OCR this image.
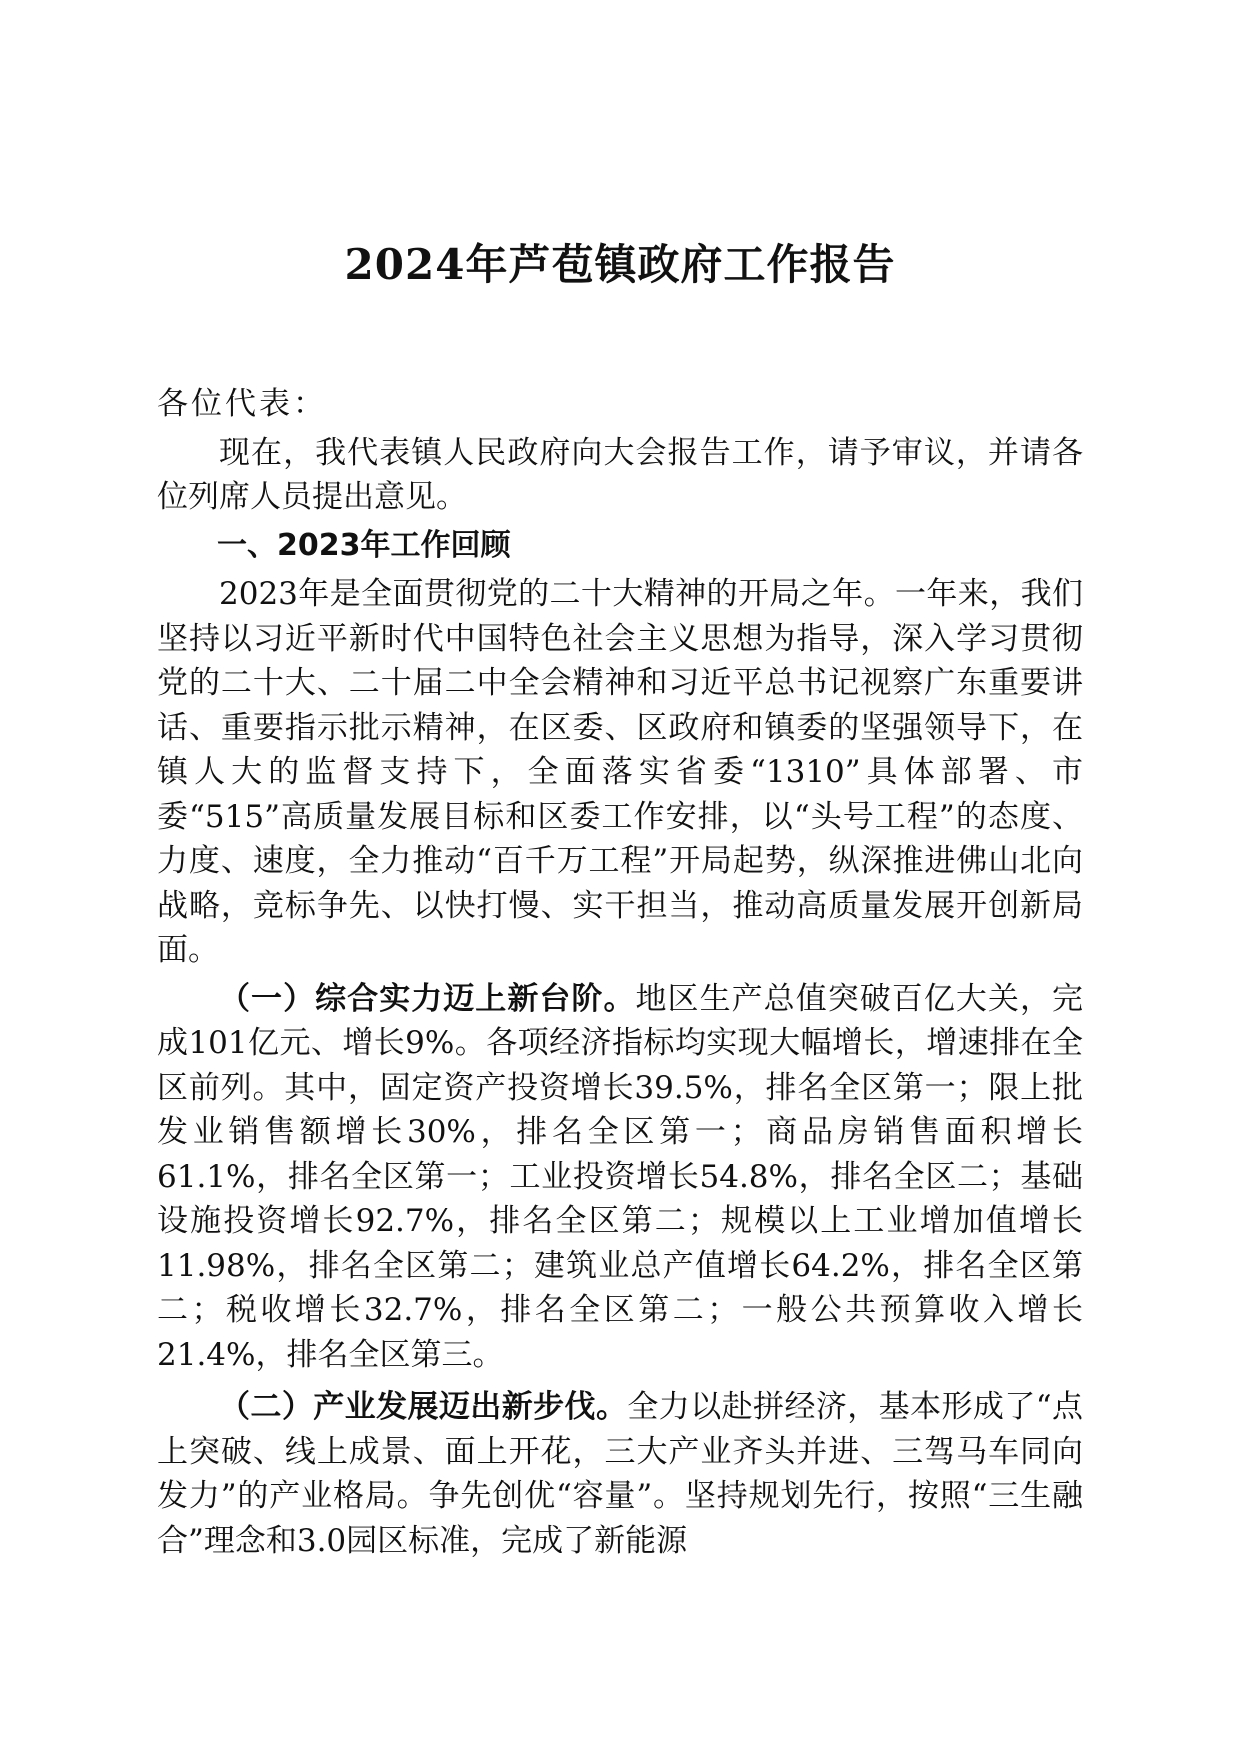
2024年芦苞镇政府工作报告

各位代表：

现在，我代表镇人民政府向大会报告工作，请予审议，并请各位列席人员提出意见。

一、2023年工作回顾

2023年是全面贯彻党的二十大精神的开局之年。一年来，我们坚持以习近平新时代中国特色社会主义思想为指导，深入学习贯彻党的二十大、二十届二中全会精神和习近平总书记视察广东重要讲话、重要指示批示精神，在区委、区政府和镇委的坚强领导下，在镇人大的监督支持下，全面落实省委“1310”具体部署、市委“515”高质量发展目标和区委工作安排，以“头号工程”的态度、力度、速度，全力推动“百千万工程”开局起势，纵深推进佛山北向战略，竞标争先、以快打慢、实干担当，推动高质量发展开创新局面。

（一）综合实力迈上新台阶。地区生产总值突破百亿大关，完成101亿元、增长9%。各项经济指标均实现大幅增长，增速排在全区前列。其中，固定资产投资增长39.5%，排名全区第一；限上批发业销售额增长30%，排名全区第一；商品房销售面积增长61.1%，排名全区第一；工业投资增长54.8%，排名全区二；基础设施投资增长92.7%，排名全区第二；规模以上工业增加值增长11.98%，排名全区第二；建筑业总产值增长64.2%，排名全区第二；税收增长32.7%，排名全区第二；一般公共预算收入增长21.4%，排名全区第三。

（二）产业发展迈出新步伐。全力以赴拼经济，基本形成了“点上突破、线上成景、面上开花，三大产业齐头并进、三驾马车同向发力”的产业格局。争先创优“容量”。坚持规划先行，按照“三生融合”理念和3.0园区标准，完成了新能源
